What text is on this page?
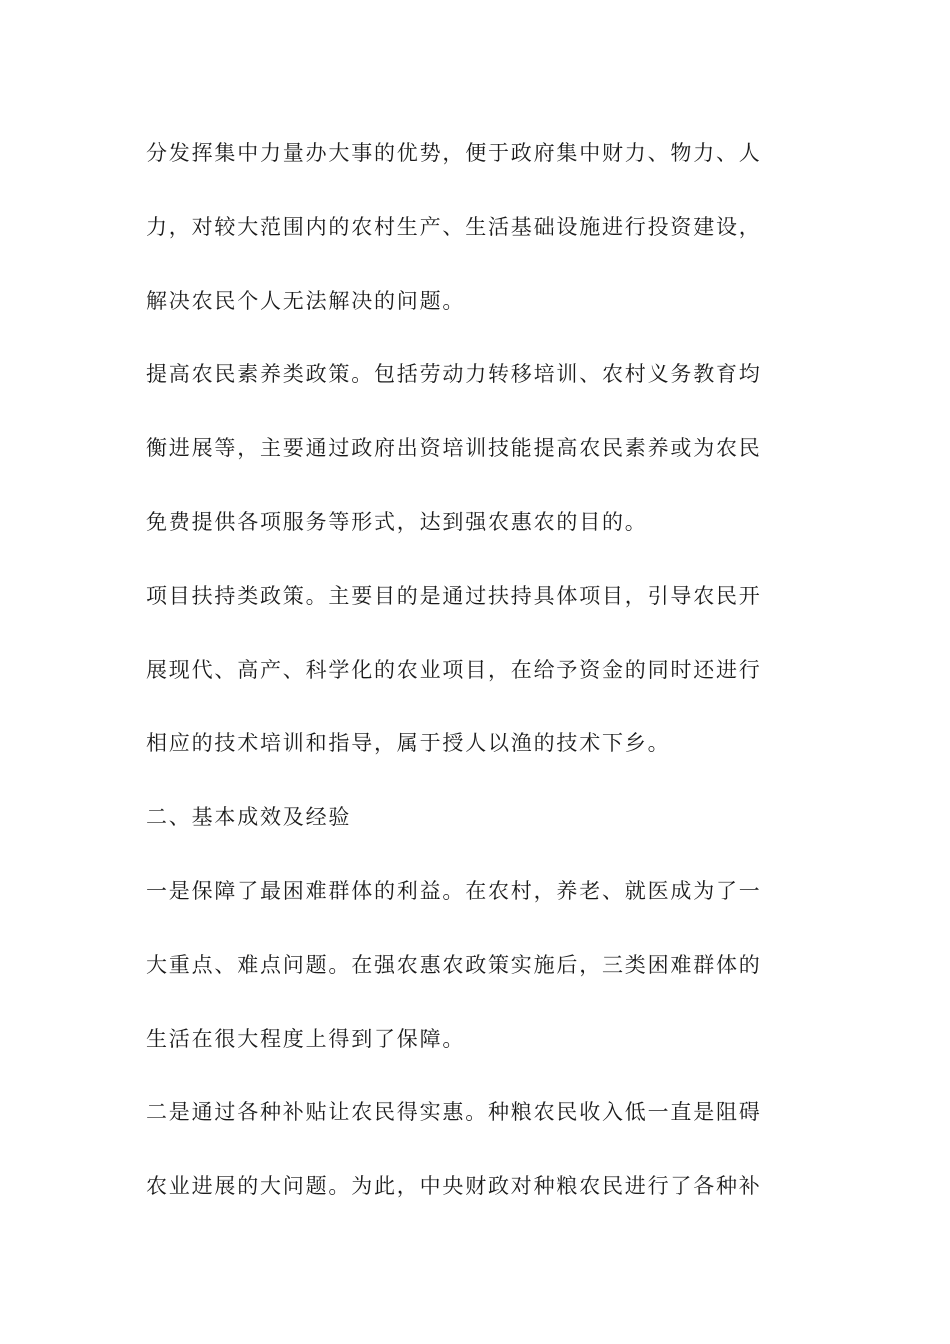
分发挥集中力量办大事的优势，便于政府集中财力、物力、人
力，对较大范围内的农村生产、生活基础设施进行投资建设，
解决农民个人无法解决的问题。
提高农民素养类政策。包括劳动力转移培训、农村义务教育均
衡进展等，主要通过政府出资培训技能提高农民素养或为农民
免费提供各项服务等形式，达到强农惠农的目的。
项目扶持类政策。主要目的是通过扶持具体项目，引导农民开
展现代、高产、科学化的农业项目，在给予资金的同时还进行
相应的技术培训和指导，属于授人以渔的技术下乡。
二、基本成效及经验
一是保障了最困难群体的利益。在农村，养老、就医成为了一
大重点、难点问题。在强农惠农政策实施后，三类困难群体的
生活在很大程度上得到了保障。
二是通过各种补贴让农民得实惠。种粮农民收入低一直是阻碍
农业进展的大问题。为此，中央财政对种粮农民进行了各种补
